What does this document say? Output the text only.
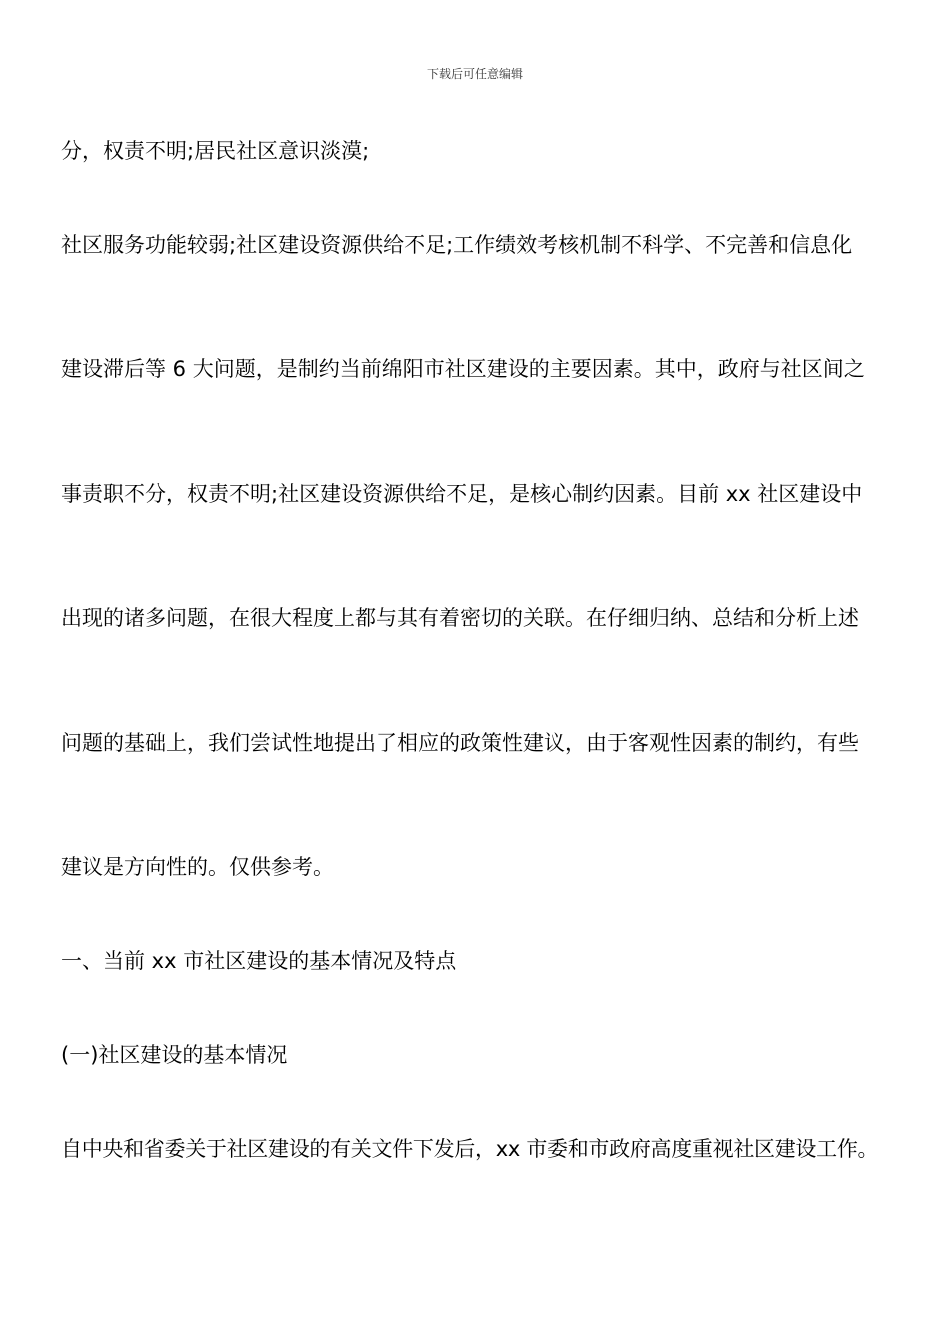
下载后可任意编辑

分，权责不明;居民社区意识淡漠;

社区服务功能较弱;社区建设资源供给不足;工作绩效考核机制不科学、不完善和信息化

建设滞后等 6 大问题，是制约当前绵阳市社区建设的主要因素。其中，政府与社区间之

事责职不分，权责不明;社区建设资源供给不足，是核心制约因素。目前 xx 社区建设中

出现的诸多问题，在很大程度上都与其有着密切的关联。在仔细归纳、总结和分析上述

问题的基础上，我们尝试性地提出了相应的政策性建议，由于客观性因素的制约，有些

建议是方向性的。仅供参考。

一、当前 xx 市社区建设的基本情况及特点

(一)社区建设的基本情况

自中央和省委关于社区建设的有关文件下发后，xx 市委和市政府高度重视社区建设工作。
